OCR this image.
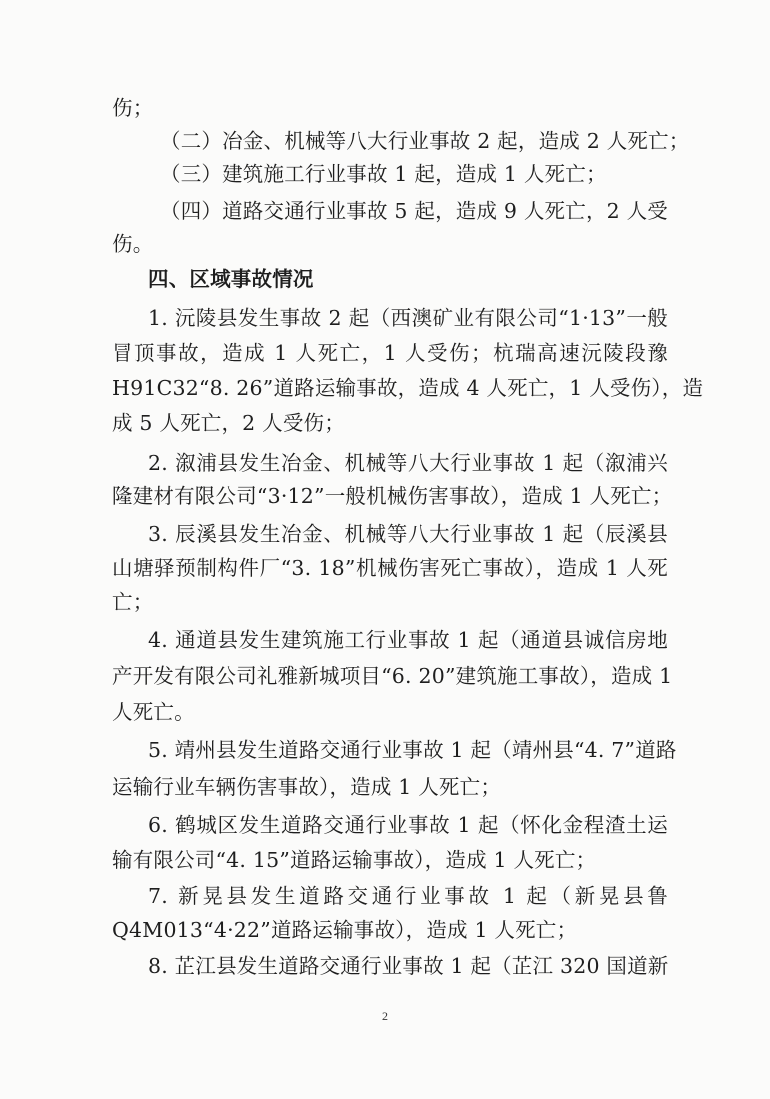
伤；
（二）冶金、机械等八大行业事故 2 起，造成 2 人死亡；
（三）建筑施工行业事故 1 起，造成 1 人死亡；
（四）道路交通行业事故 5 起，造成 9 人死亡，2 人受
伤。
四、区域事故情况
1. 沅陵县发生事故 2 起（西澳矿业有限公司“1·13”一般
冒顶事故，造成 1 人死亡，1 人受伤；杭瑞高速沅陵段豫
H91C32“8. 26”道路运输事故，造成 4 人死亡，1 人受伤），造
成 5 人死亡，2 人受伤；
2. 溆浦县发生冶金、机械等八大行业事故 1 起（溆浦兴
隆建材有限公司“3·12”一般机械伤害事故），造成 1 人死亡；
3. 辰溪县发生冶金、机械等八大行业事故 1 起（辰溪县
山塘驿预制构件厂“3. 18”机械伤害死亡事故），造成 1 人死
亡；
4. 通道县发生建筑施工行业事故 1 起（通道县诚信房地
产开发有限公司礼雅新城项目“6. 20”建筑施工事故），造成 1
人死亡。
5. 靖州县发生道路交通行业事故 1 起（靖州县“4. 7”道路
运输行业车辆伤害事故），造成 1 人死亡；
6. 鹤城区发生道路交通行业事故 1 起（怀化金程渣土运
输有限公司“4. 15”道路运输事故），造成 1 人死亡；
7. 新晃县发生道路交通行业事故 1 起（新晃县鲁
Q4M013“4·22”道路运输事故），造成 1 人死亡；
8. 芷江县发生道路交通行业事故 1 起（芷江 320 国道新
2
